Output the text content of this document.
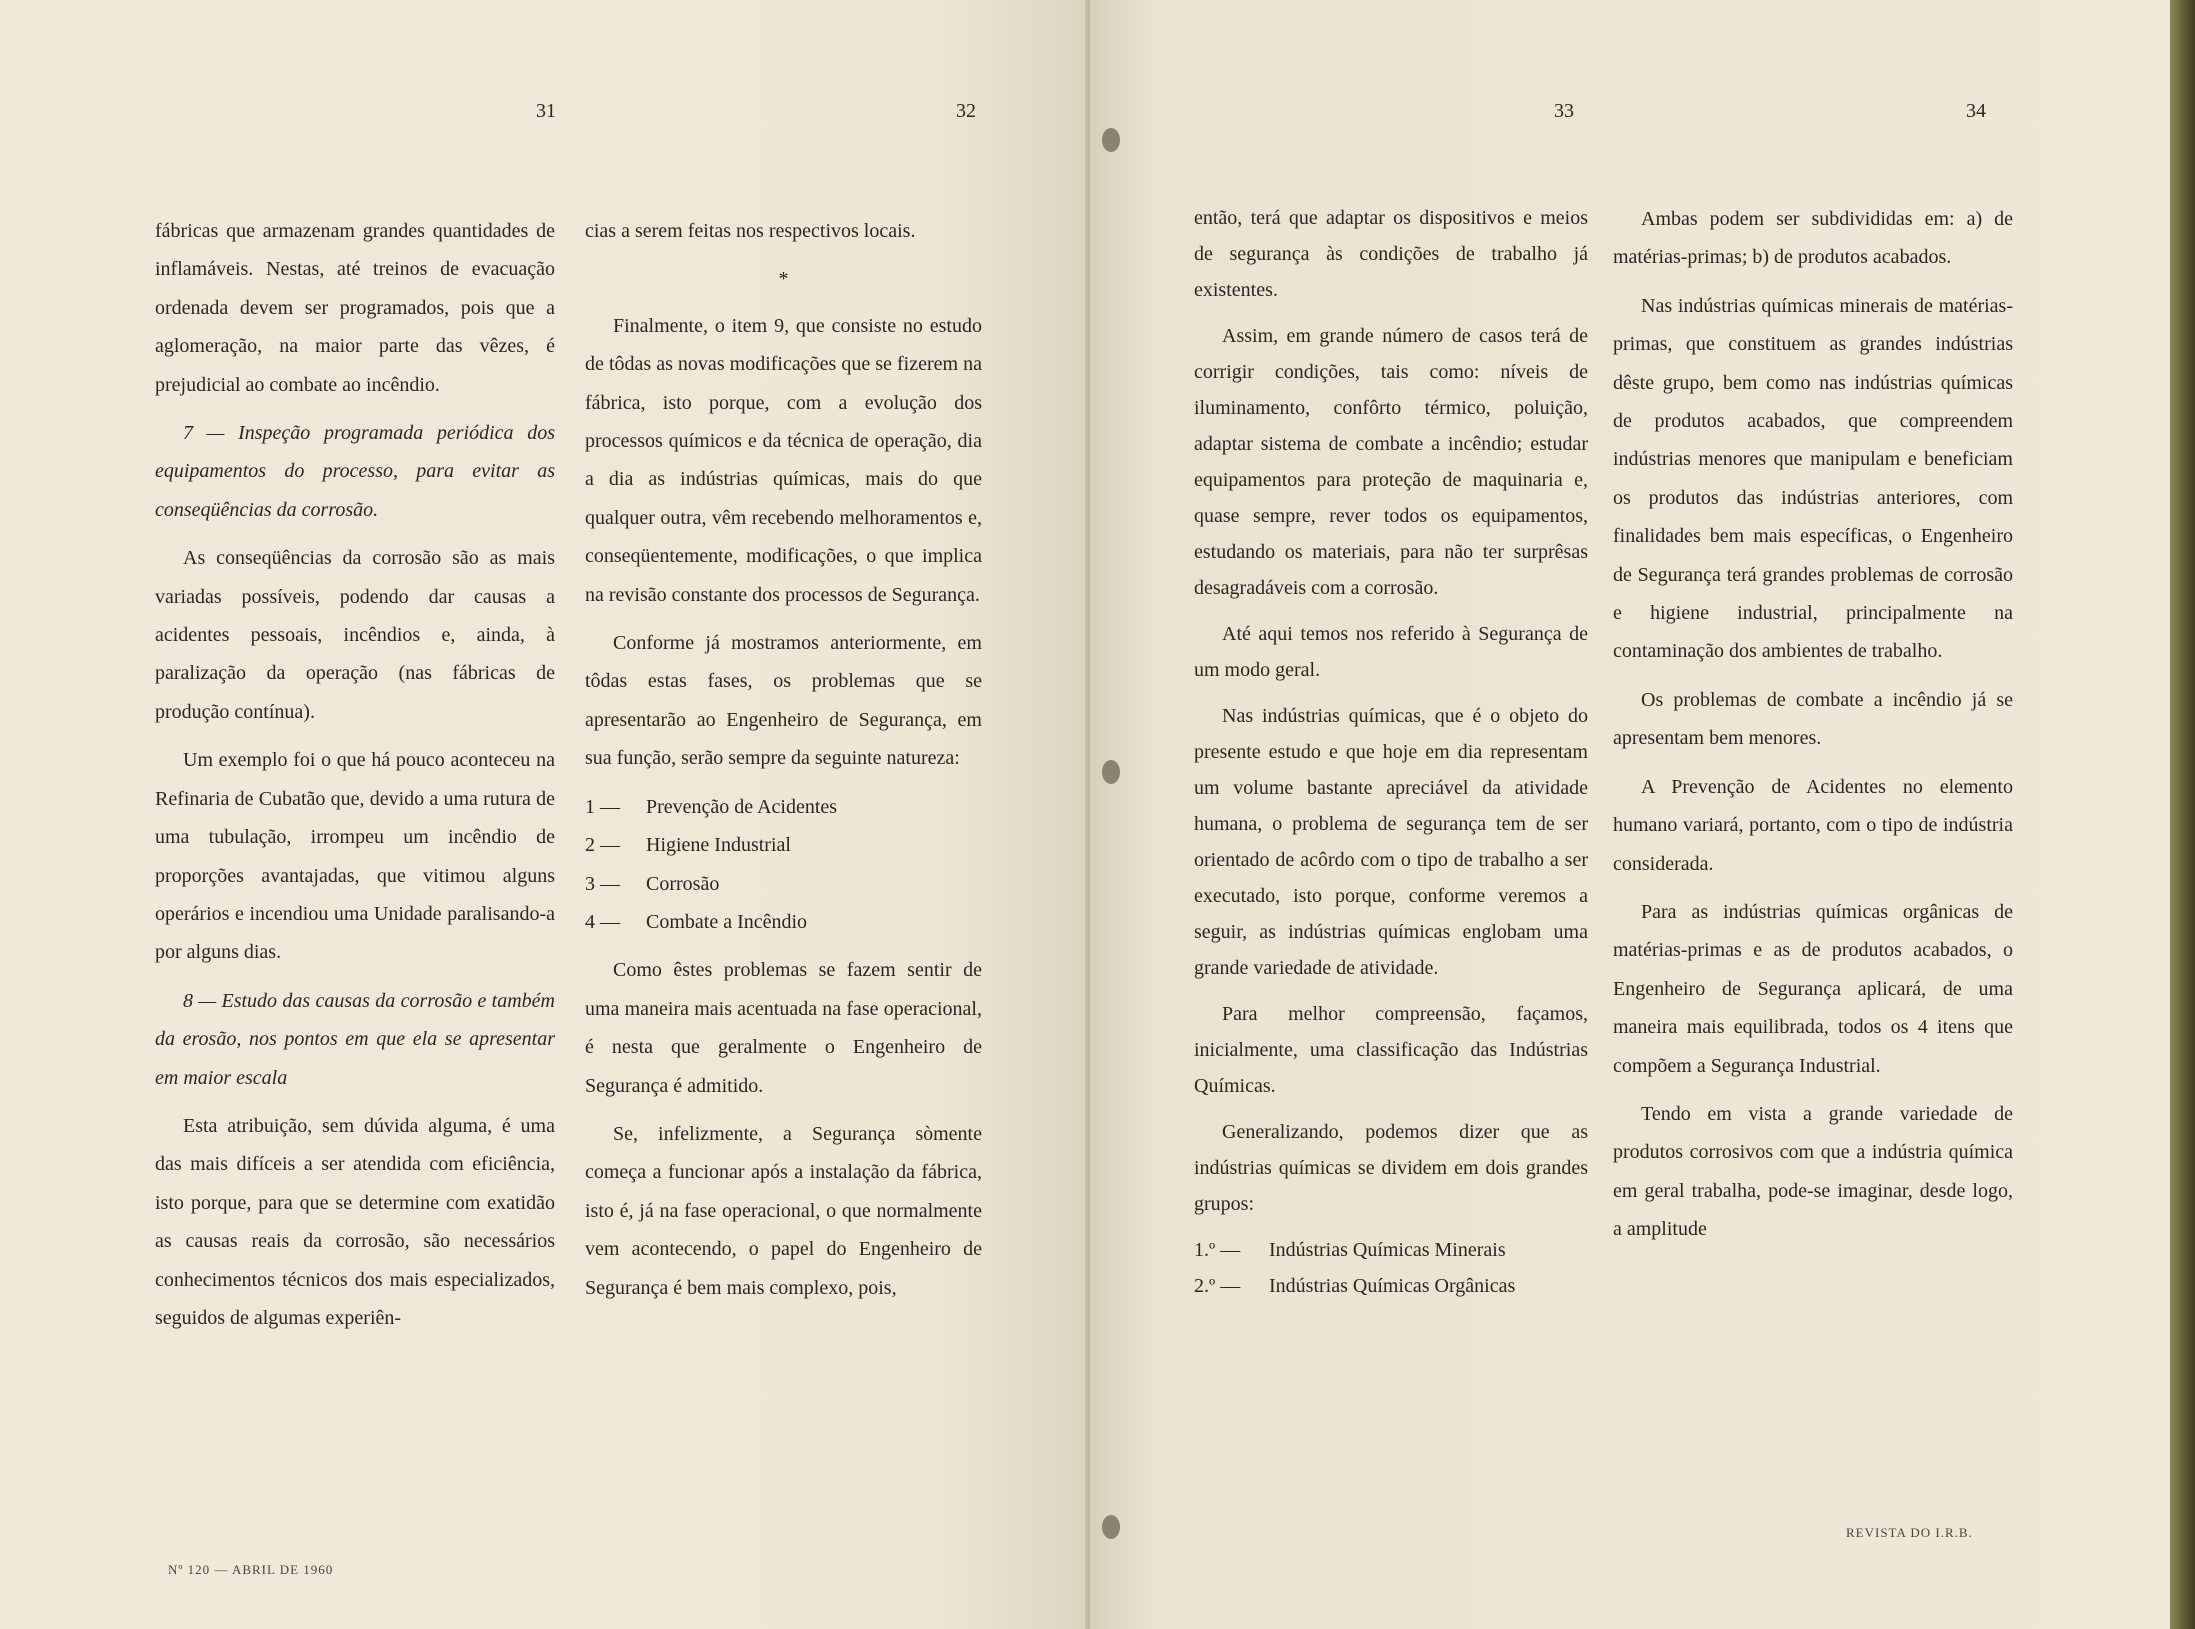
31	32

fábricas que armazenam grandes quantidades de inflamáveis. Nestas, até treinos de evacuação ordenada devem ser programados, pois que a aglomeração, na maior parte das vêzes, é prejudicial ao combate ao incêndio.

7 — Inspeção programada periódica dos equipamentos do processo, para evitar as conseqüências da corrosão.

As conseqüências da corrosão são as mais variadas possíveis, podendo dar causas a acidentes pessoais, incêndios e, ainda, à paralização da operação (nas fábricas de produção contínua).

Um exemplo foi o que há pouco aconteceu na Refinaria de Cubatão que, devido a uma rutura de uma tubulação, irrompeu um incêndio de proporções avantajadas, que vitimou alguns operários e incendiou uma Unidade paralisando-a por alguns dias.

8 — Estudo das causas da corrosão e também da erosão, nos pontos em que ela se apresentar em maior escala

Esta atribuição, sem dúvida alguma, é uma das mais difíceis a ser atendida com eficiência, isto porque, para que se determine com exatidão as causas reais da corrosão, são necessários conhecimentos técnicos dos mais especializados, seguidos de algumas experiên-

cias a serem feitas nos respectivos locais.

*

Finalmente, o item 9, que consiste no estudo de tôdas as novas modificações que se fizerem na fábrica, isto porque, com a evolução dos processos químicos e da técnica de operação, dia a dia as indústrias químicas, mais do que qualquer outra, vêm recebendo melhoramentos e, conseqüentemente, modificações, o que implica na revisão constante dos processos de Segurança.

Conforme já mostramos anteriormente, em tôdas estas fases, os problemas que se apresentarão ao Engenheiro de Segurança, em sua função, serão sempre da seguinte natureza:

1 — Prevenção de Acidentes
2 — Higiene Industrial
3 — Corrosão
4 — Combate a Incêndio

Como êstes problemas se fazem sentir de uma maneira mais acentuada na fase operacional, é nesta que geralmente o Engenheiro de Segurança é admitido.

Se, infelizmente, a Segurança sòmente começa a funcionar após a instalação da fábrica, isto é, já na fase operacional, o que normalmente vem acontecendo, o papel do Engenheiro de Segurança é bem mais complexo, pois,

Nº 120 — ABRIL DE 1960
33	34

então, terá que adaptar os dispositivos e meios de segurança às condições de trabalho já existentes.

Assim, em grande número de casos terá de corrigir condições, tais como: níveis de iluminamento, confôrto térmico, poluição, adaptar sistema de combate a incêndio; estudar equipamentos para proteção de maquinaria e, quase sempre, rever todos os equipamentos, estudando os materiais, para não ter surprêsas desagradáveis com a corrosão.

Até aqui temos nos referido à Segurança de um modo geral.

Nas indústrias químicas, que é o objeto do presente estudo e que hoje em dia representam um volume bastante apreciável da atividade humana, o problema de segurança tem de ser orientado de acôrdo com o tipo de trabalho a ser executado, isto porque, conforme veremos a seguir, as indústrias químicas englobam uma grande variedade de atividade.

Para melhor compreensão, façamos, inicialmente, uma classificação das Indústrias Químicas.

Generalizando, podemos dizer que as indústrias químicas se dividem em dois grandes grupos:

1.º — Indústrias Químicas Minerais
2.º — Indústrias Químicas Orgânicas

Ambas podem ser subdivididas em: a) de matérias-primas; b) de produtos acabados.

Nas indústrias químicas minerais de matérias-primas, que constituem as grandes indústrias dêste grupo, bem como nas indústrias químicas de produtos acabados, que compreendem indústrias menores que manipulam e beneficiam os produtos das indústrias anteriores, com finalidades bem mais específicas, o Engenheiro de Segurança terá grandes problemas de corrosão e higiene industrial, principalmente na contaminação dos ambientes de trabalho.

Os problemas de combate a incêndio já se apresentam bem menores.

A Prevenção de Acidentes no elemento humano variará, portanto, com o tipo de indústria considerada.

Para as indústrias químicas orgânicas de matérias-primas e as de produtos acabados, o Engenheiro de Segurança aplicará, de uma maneira mais equilibrada, todos os 4 itens que compõem a Segurança Industrial.

Tendo em vista a grande variedade de produtos corrosivos com que a indústria química em geral trabalha, pode-se imaginar, desde logo, a amplitude

REVISTA DO I.R.B.
